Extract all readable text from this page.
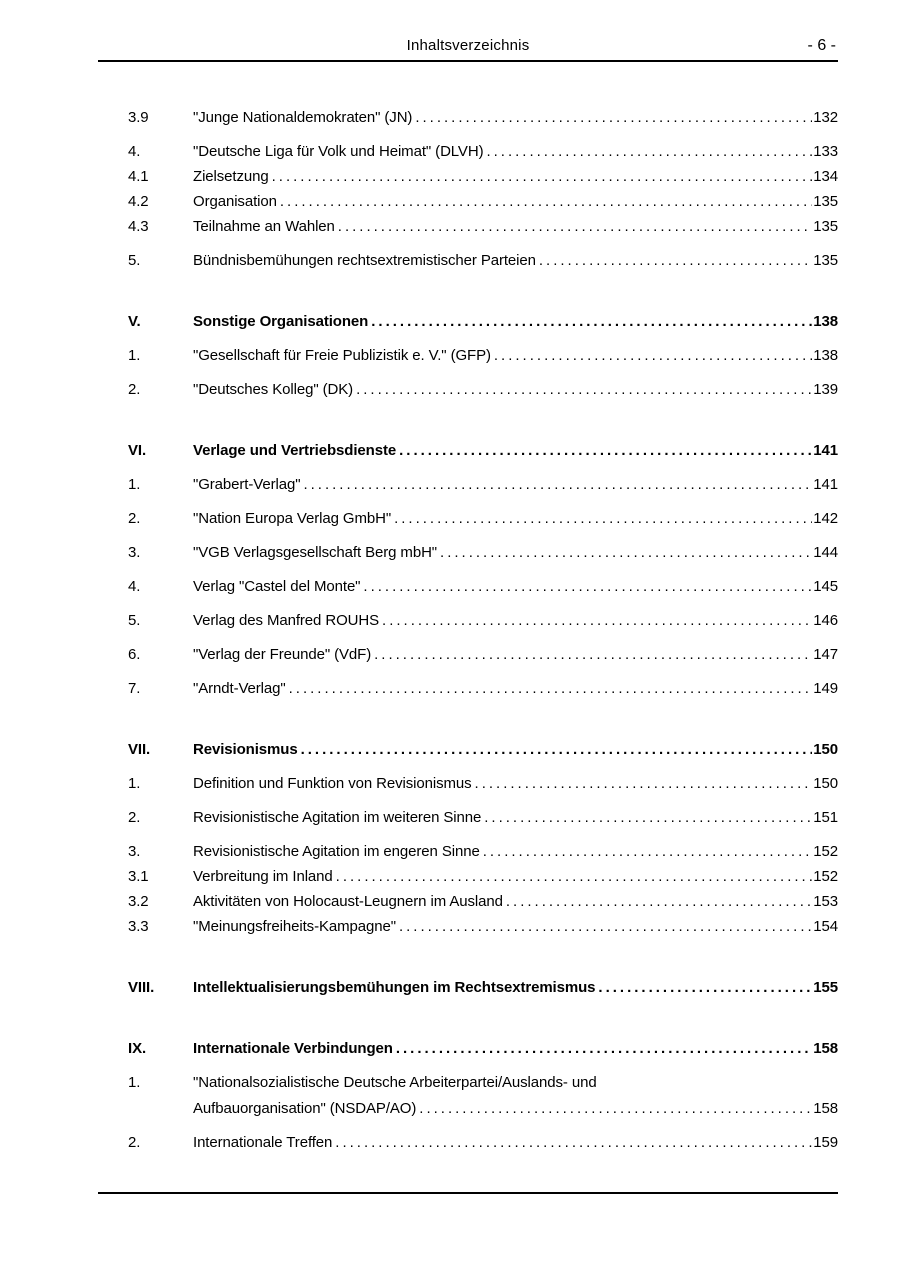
Inhaltsverzeichnis	- 6 -
3.9	"Junge Nationaldemokraten" (JN) .....	132
4.	"Deutsche Liga für Volk und Heimat" (DLVH) .....	133
4.1	Zielsetzung .....	134
4.2	Organisation .....	135
4.3	Teilnahme an Wahlen .....	135
5.	Bündnisbemühungen rechtsextremistischer Parteien .....	135
V.	Sonstige Organisationen .....	138
1.	"Gesellschaft für Freie Publizistik e. V." (GFP) .....	138
2.	"Deutsches Kolleg" (DK) .....	139
VI.	Verlage und Vertriebsdienste .....	141
1.	"Grabert-Verlag" .....	141
2.	"Nation Europa Verlag GmbH" .....	142
3.	"VGB Verlagsgesellschaft Berg mbH" .....	144
4.	Verlag "Castel del Monte" .....	145
5.	Verlag des Manfred ROUHS .....	146
6.	"Verlag der Freunde" (VdF) .....	147
7.	"Arndt-Verlag" .....	149
VII.	Revisionismus .....	150
1.	Definition und Funktion von Revisionismus .....	150
2.	Revisionistische Agitation im weiteren Sinne .....	151
3.	Revisionistische Agitation im engeren Sinne .....	152
3.1	Verbreitung im Inland .....	152
3.2	Aktivitäten von Holocaust-Leugnern im Ausland .....	153
3.3	"Meinungsfreiheits-Kampagne" .....	154
VIII.	Intellektualisierungsbemühungen im Rechtsextremismus .....	155
IX.	Internationale Verbindungen .....	158
1.	"Nationalsozialistische Deutsche Arbeiterpartei/Auslands- und
Aufbauorganisation" (NSDAP/AO) .....	158
2.	Internationale Treffen .....	159
